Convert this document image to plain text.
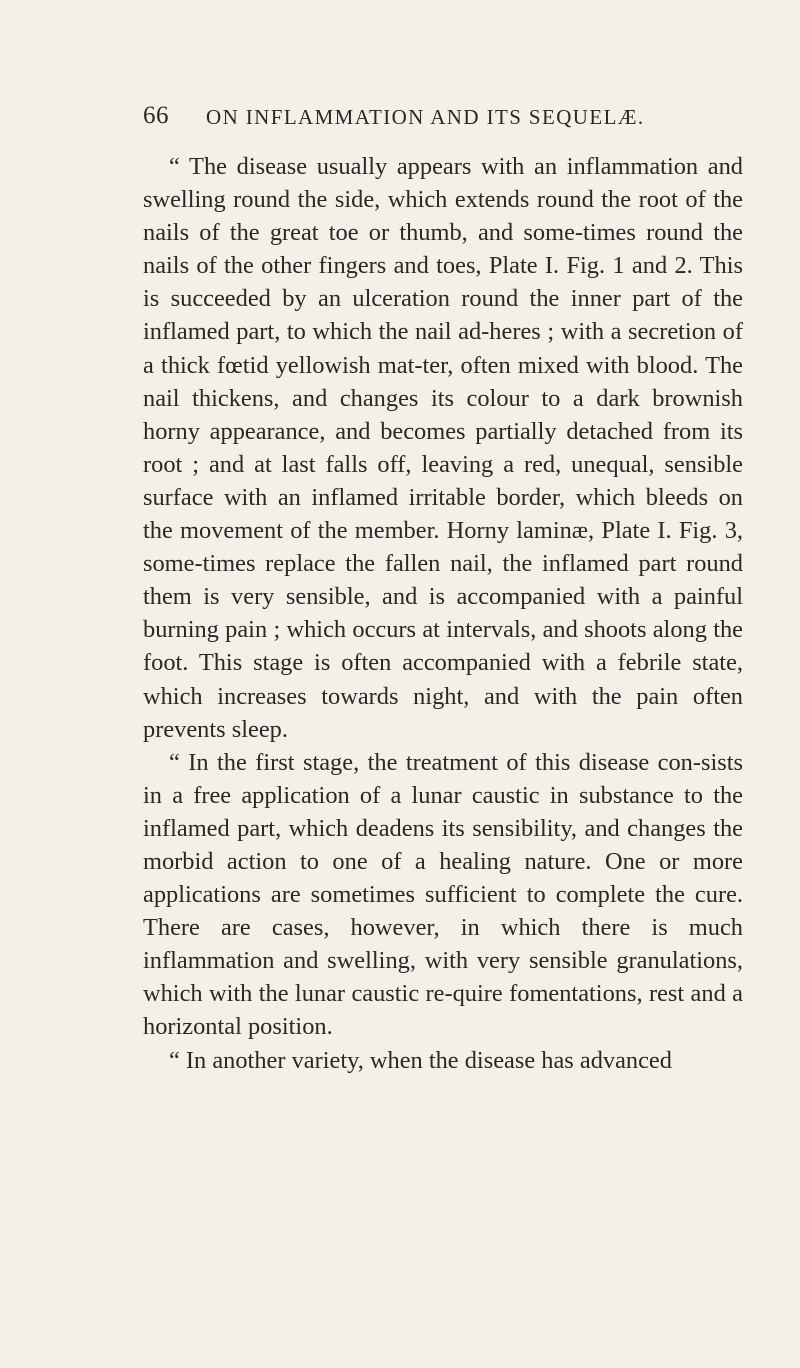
66 ON INFLAMMATION AND ITS SEQUELÆ.

“ The disease usually appears with an inflammation and swelling round the side, which extends round the root of the nails of the great toe or thumb, and some-times round the nails of the other fingers and toes, Plate I. Fig. 1 and 2. This is succeeded by an ulceration round the inner part of the inflamed part, to which the nail ad-heres ; with a secretion of a thick fœtid yellowish mat-ter, often mixed with blood. The nail thickens, and changes its colour to a dark brownish horny appearance, and becomes partially detached from its root ; and at last falls off, leaving a red, unequal, sensible surface with an inflamed irritable border, which bleeds on the movement of the member. Horny laminæ, Plate I. Fig. 3, some-times replace the fallen nail, the inflamed part round them is very sensible, and is accompanied with a painful burning pain ; which occurs at intervals, and shoots along the foot. This stage is often accompanied with a febrile state, which increases towards night, and with the pain often prevents sleep.

“ In the first stage, the treatment of this disease con-sists in a free application of a lunar caustic in substance to the inflamed part, which deadens its sensibility, and changes the morbid action to one of a healing nature. One or more applications are sometimes sufficient to complete the cure. There are cases, however, in which there is much inflammation and swelling, with very sensible granulations, which with the lunar caustic re-quire fomentations, rest and a horizontal position.

“ In another variety, when the disease has advanced
